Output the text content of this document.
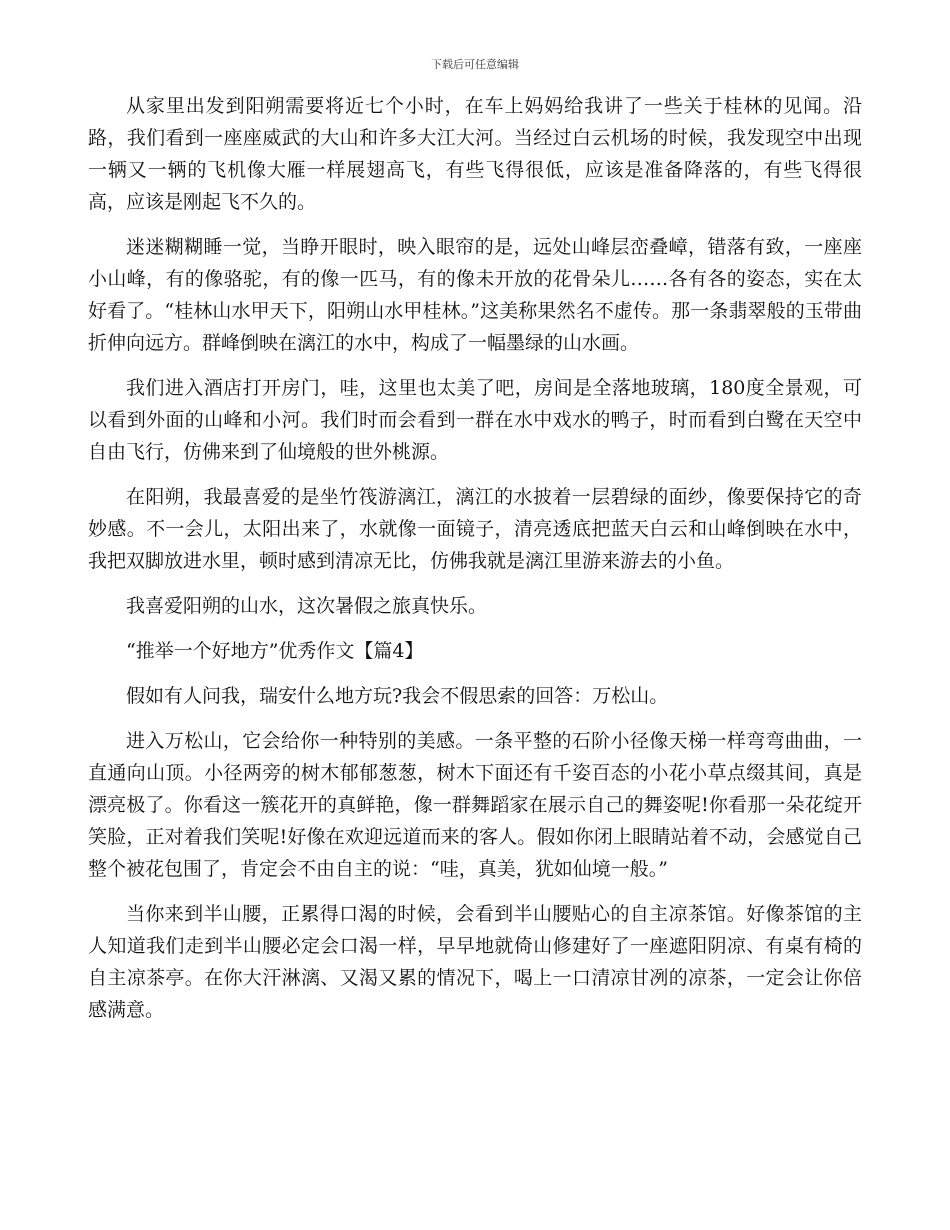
下载后可任意编辑

从家里出发到阳朔需要将近七个小时，在车上妈妈给我讲了一些关于桂林的见闻。沿路，我们看到一座座威武的大山和许多大江大河。当经过白云机场的时候，我发现空中出现一辆又一辆的飞机像大雁一样展翅高飞，有些飞得很低，应该是准备降落的，有些飞得很高，应该是刚起飞不久的。

迷迷糊糊睡一觉，当睁开眼时，映入眼帘的是，远处山峰层峦叠嶂，错落有致，一座座小山峰，有的像骆驼，有的像一匹马，有的像未开放的花骨朵儿……各有各的姿态，实在太好看了。“桂林山水甲天下，阳朔山水甲桂林。”这美称果然名不虚传。那一条翡翠般的玉带曲折伸向远方。群峰倒映在漓江的水中，构成了一幅墨绿的山水画。

我们进入酒店打开房门，哇，这里也太美了吧，房间是全落地玻璃，180度全景观，可以看到外面的山峰和小河。我们时而会看到一群在水中戏水的鸭子，时而看到白鹭在天空中自由飞行，仿佛来到了仙境般的世外桃源。

在阳朔，我最喜爱的是坐竹筏游漓江，漓江的水披着一层碧绿的面纱，像要保持它的奇妙感。不一会儿，太阳出来了，水就像一面镜子，清亮透底把蓝天白云和山峰倒映在水中，我把双脚放进水里，顿时感到清凉无比，仿佛我就是漓江里游来游去的小鱼。

我喜爱阳朔的山水，这次暑假之旅真快乐。

“推举一个好地方”优秀作文【篇4】

假如有人问我，瑞安什么地方玩?我会不假思索的回答：万松山。

进入万松山，它会给你一种特别的美感。一条平整的石阶小径像天梯一样弯弯曲曲，一直通向山顶。小径两旁的树木郁郁葱葱，树木下面还有千姿百态的小花小草点缀其间，真是漂亮极了。你看这一簇花开的真鲜艳，像一群舞蹈家在展示自己的舞姿呢!你看那一朵花绽开笑脸，正对着我们笑呢!好像在欢迎远道而来的客人。假如你闭上眼睛站着不动，会感觉自己整个被花包围了，肯定会不由自主的说：“哇，真美，犹如仙境一般。”

当你来到半山腰，正累得口渴的时候，会看到半山腰贴心的自主凉茶馆。好像茶馆的主人知道我们走到半山腰必定会口渴一样，早早地就倚山修建好了一座遮阳阴凉、有桌有椅的自主凉茶亭。在你大汗淋漓、又渴又累的情况下，喝上一口清凉甘冽的凉茶，一定会让你倍感满意。
